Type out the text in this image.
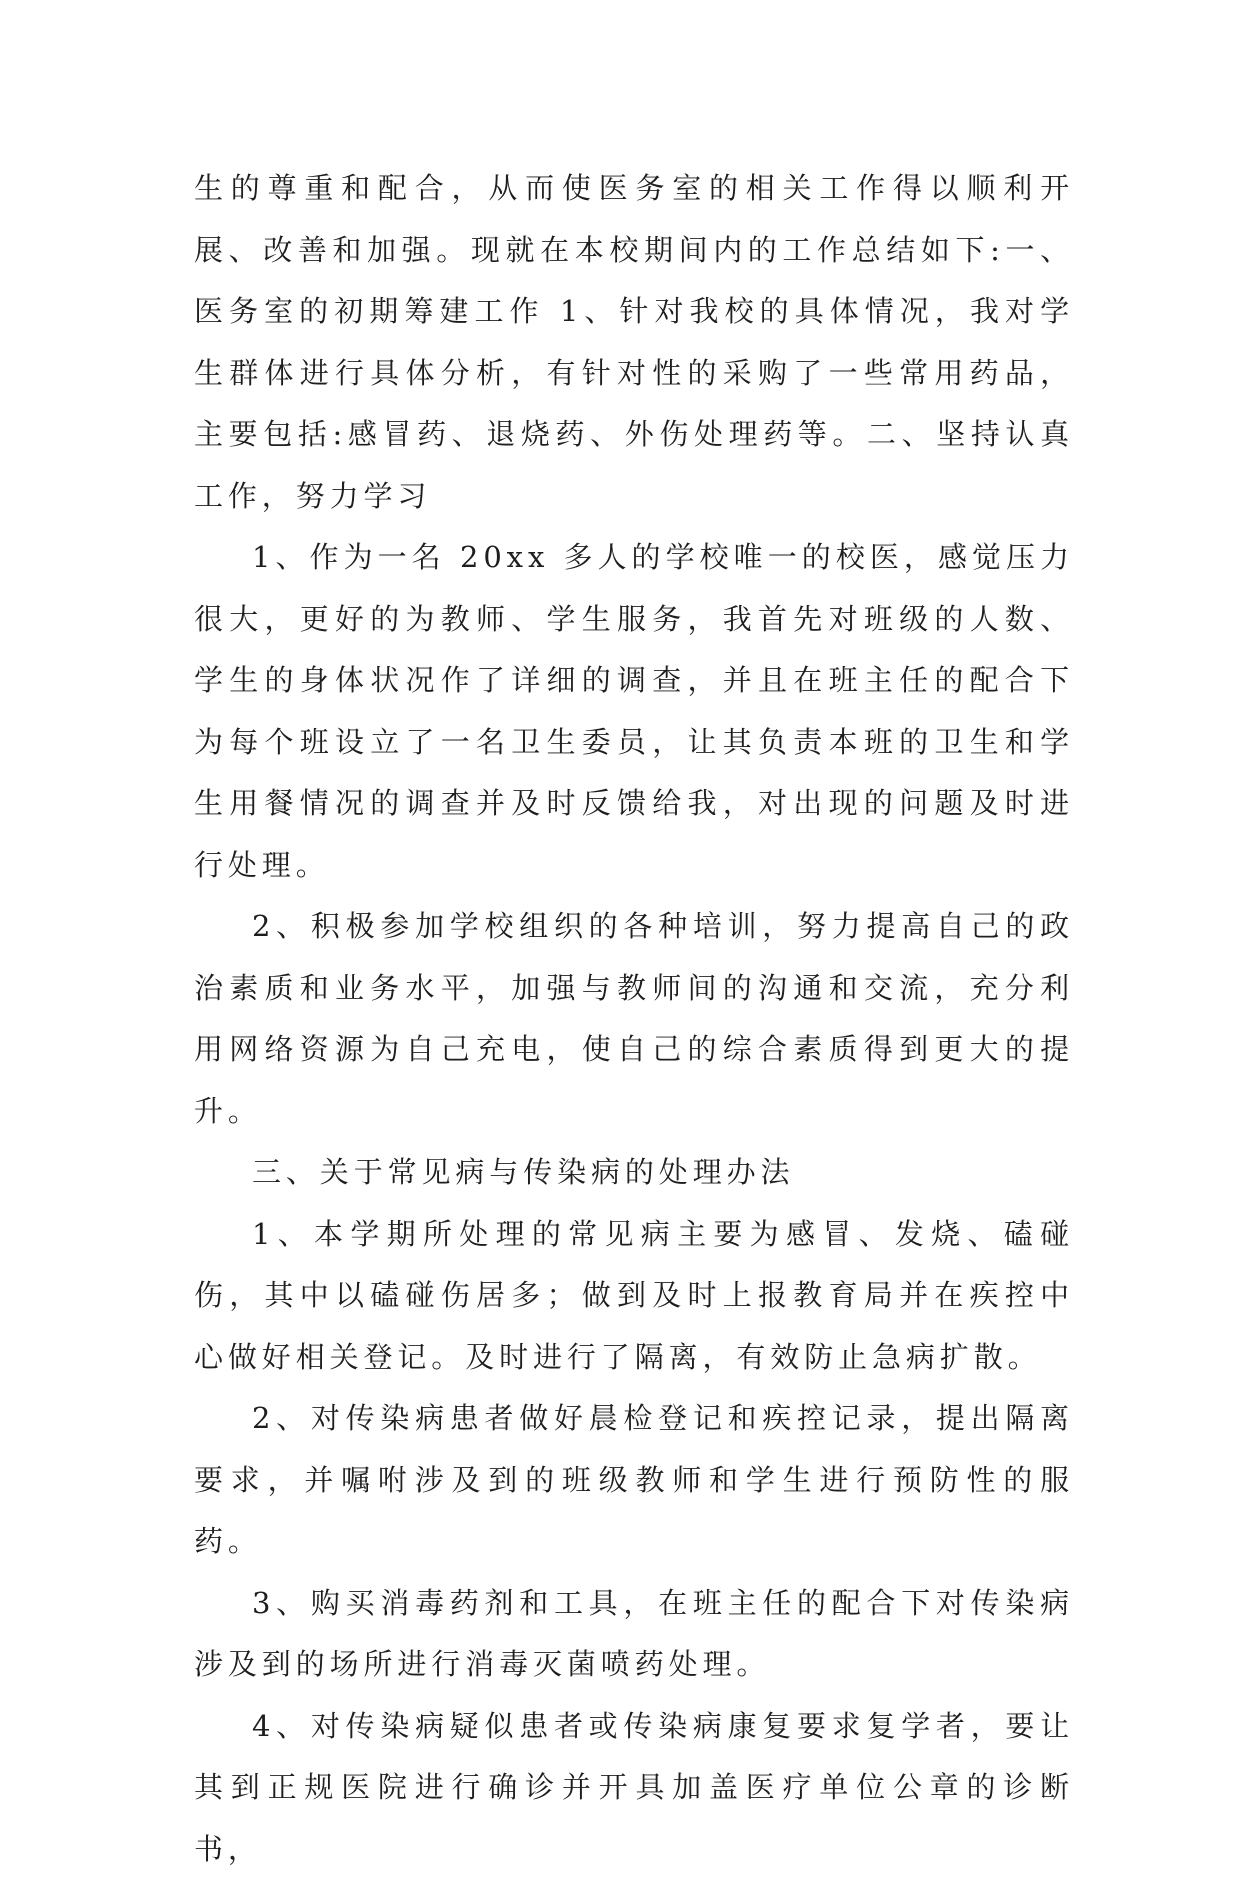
生的尊重和配合，从而使医务室的相关工作得以顺利开展、改善和加强。现就在本校期间内的工作总结如下:一、医务室的初期筹建工作 1、针对我校的具体情况，我对学生群体进行具体分析，有针对性的采购了一些常用药品，主要包括:感冒药、退烧药、外伤处理药等。二、坚持认真工作，努力学习

1、作为一名 20xx 多人的学校唯一的校医，感觉压力很大，更好的为教师、学生服务，我首先对班级的人数、学生的身体状况作了详细的调查，并且在班主任的配合下为每个班设立了一名卫生委员，让其负责本班的卫生和学生用餐情况的调查并及时反馈给我，对出现的问题及时进行处理。

2、积极参加学校组织的各种培训，努力提高自己的政治素质和业务水平，加强与教师间的沟通和交流，充分利用网络资源为自己充电，使自己的综合素质得到更大的提升。

三、关于常见病与传染病的处理办法

1、本学期所处理的常见病主要为感冒、发烧、磕碰伤，其中以磕碰伤居多；做到及时上报教育局并在疾控中心做好相关登记。及时进行了隔离，有效防止急病扩散。

2、对传染病患者做好晨检登记和疾控记录，提出隔离要求，并嘱咐涉及到的班级教师和学生进行预防性的服药。

3、购买消毒药剂和工具，在班主任的配合下对传染病涉及到的场所进行消毒灭菌喷药处理。

4、对传染病疑似患者或传染病康复要求复学者，要让其到正规医院进行确诊并开具加盖医疗单位公章的诊断书，
